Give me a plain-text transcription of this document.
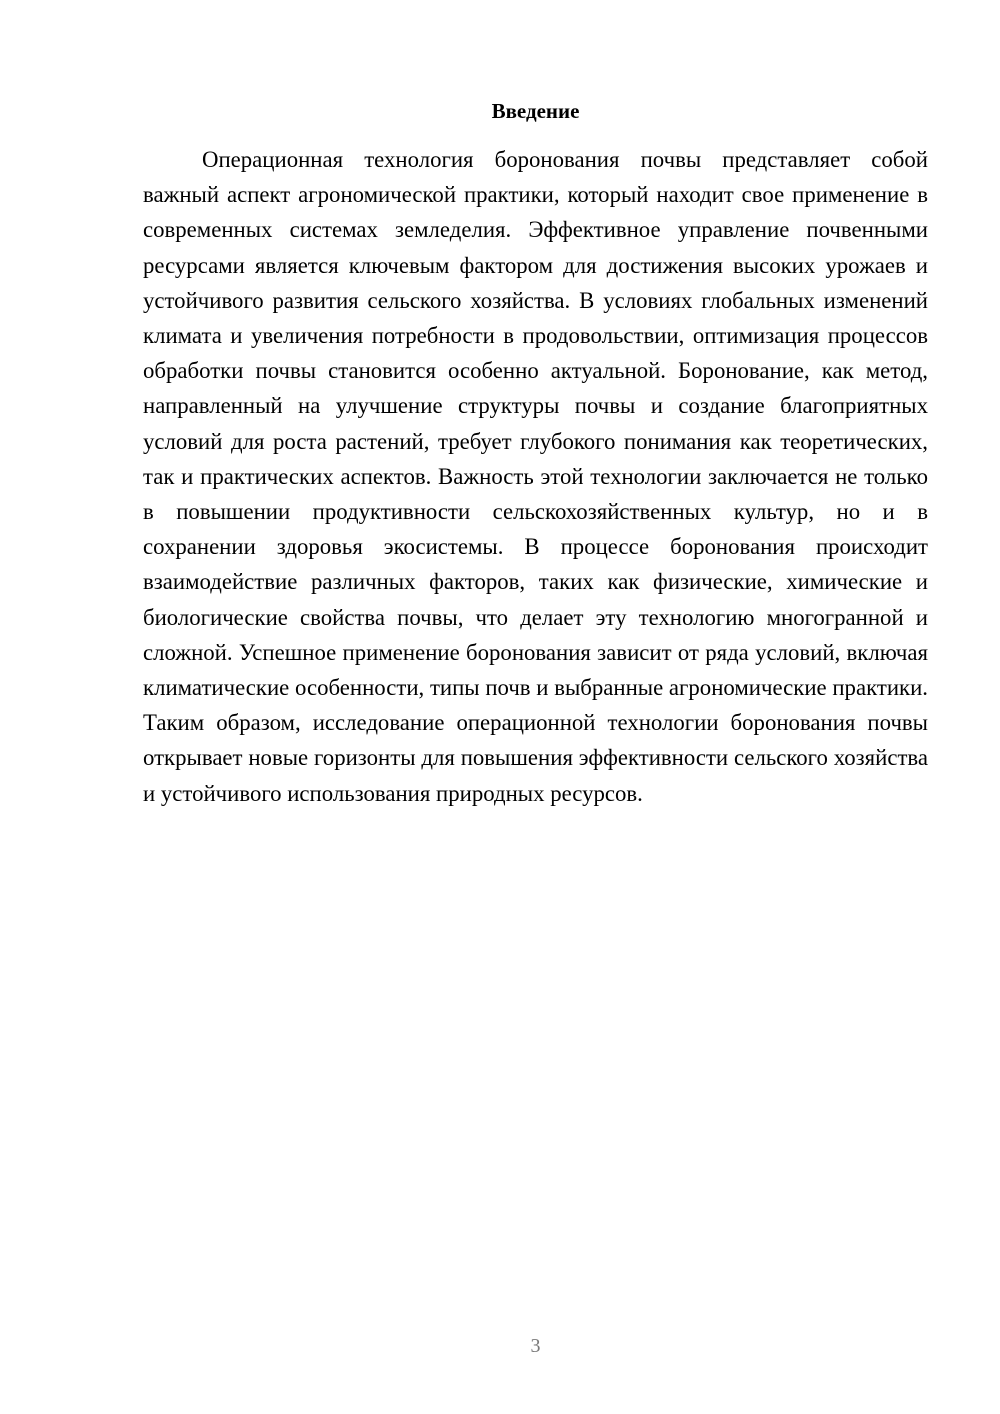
Введение

Операционная технология боронования почвы представляет собой важный аспект агрономической практики, который находит свое применение в современных системах земледелия. Эффективное управление почвенными ресурсами является ключевым фактором для достижения высоких урожаев и устойчивого развития сельского хозяйства. В условиях глобальных изменений климата и увеличения потребности в продовольствии, оптимизация процессов обработки почвы становится особенно актуальной. Боронование, как метод, направленный на улучшение структуры почвы и создание благоприятных условий для роста растений, требует глубокого понимания как теоретических, так и практических аспектов. Важность этой технологии заключается не только в повышении продуктивности сельскохозяйственных культур, но и в сохранении здоровья экосистемы. В процессе боронования происходит взаимодействие различных факторов, таких как физические, химические и биологические свойства почвы, что делает эту технологию многогранной и сложной. Успешное применение боронования зависит от ряда условий, включая климатические особенности, типы почв и выбранные агрономические практики. Таким образом, исследование операционной технологии боронования почвы открывает новые горизонты для повышения эффективности сельского хозяйства и устойчивого использования природных ресурсов.

3
